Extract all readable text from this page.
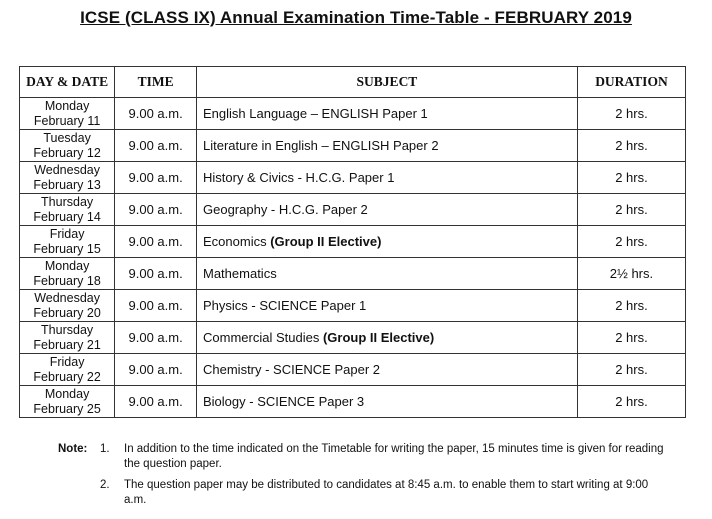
ICSE (CLASS IX) Annual Examination Time-Table - FEBRUARY 2019
DAY & DATE	TIME	SUBJECT	DURATION

Monday
February 11	9.00 a.m.	English Language – ENGLISH Paper 1	2 hrs.

Tuesday
February 12	9.00 a.m.	Literature in English – ENGLISH Paper 2	2 hrs.

Wednesday
February 13	9.00 a.m.	History & Civics - H.C.G. Paper 1	2 hrs.

Thursday
February 14	9.00 a.m.	Geography - H.C.G. Paper 2	2 hrs.

Friday
February 15	9.00 a.m.	Economics (Group II Elective)	2 hrs.

Monday
February 18	9.00 a.m.	Mathematics	2½ hrs.

Wednesday
February 20	9.00 a.m.	Physics - SCIENCE Paper 1	2 hrs.

Thursday
February 21	9.00 a.m.	Commercial Studies (Group II Elective)	2 hrs.

Friday
February 22	9.00 a.m.	Chemistry - SCIENCE Paper 2	2 hrs.

Monday
February 25	9.00 a.m.	Biology - SCIENCE Paper 3	2 hrs.
Note:	1.	In addition to the time indicated on the Timetable for writing the paper, 15 minutes time is given for reading the question paper.
2.	The question paper may be distributed to candidates at 8:45 a.m. to enable them to start writing at 9:00 a.m.
